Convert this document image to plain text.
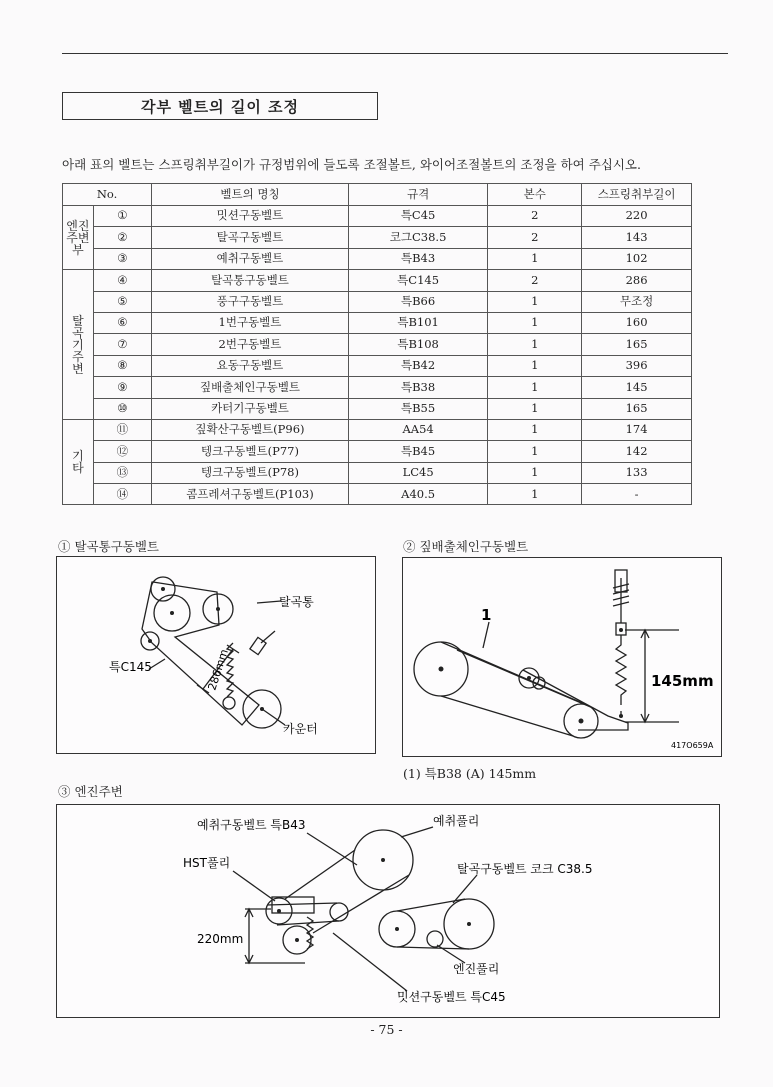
각부 벨트의 길이 조정
아래 표의 벨트는 스프링취부길이가 규정범위에 들도록 조절볼트, 와이어조절볼트의 조정을 하여 주십시오.
No.		벨트의 명칭	규격	본수	스프링취부길이
엔진
주변
부	①	밋션구동벨트	특C45	2	220
	②	탈곡구동벨트	코그C38.5	2	143
	③	예취구동벨트	특B43	1	102
탈
곡
기
주
변	④	탈곡통구동벨트	특C145	2	286
	⑤	풍구구동벨트	특B66	1	무조정
	⑥	1번구동벨트	특B101	1	160
	⑦	2번구동벨트	특B108	1	165
	⑧	요동구동벨트	특B42	1	396
	⑨	짚배출체인구동벨트	특B38	1	145
	⑩	카터기구동벨트	특B55	1	165
기
타	⑪	짚확산구동벨트(P96)	AA54	1	174
	⑫	텡크구동벨트(P77)	특B45	1	142
	⑬	텡크구동벨트(P78)	LC45	1	133
	⑭	콤프레셔구동벨트(P103)	A40.5	1	-
① 탈곡통구동벨트
탈곡통
특C145	286mm
카운터
② 짚배출체인구동벨트
1
145mm
417O659A
(1) 특B38 (A) 145mm
③ 엔진주변
예취구동벨트 특B43	예취풀리
HST풀리	탈곡구동벨트 코크 C38.5
220mm
엔진풀리
밋션구동벨트 특C45
- 75 -
